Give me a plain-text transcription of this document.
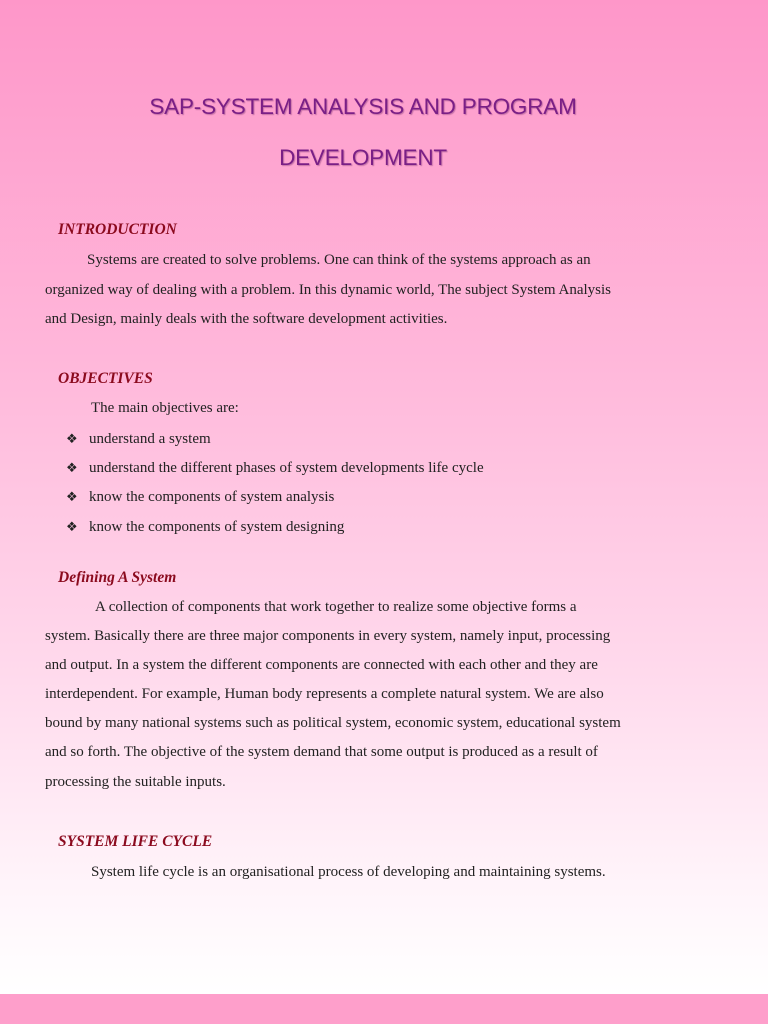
SAP-SYSTEM ANALYSIS AND PROGRAM
DEVELOPMENT
INTRODUCTION
Systems are created to solve problems. One can think of the systems approach as an
organized way of dealing with a problem. In this dynamic world, The subject System Analysis
and Design, mainly deals with the software development activities.
OBJECTIVES
The main objectives are:
❖ understand a system
❖ understand the different phases of system developments life cycle
❖ know the components of system analysis
❖ know the components of system designing
Defining A System
A collection of components that work together to realize some objective forms a
system. Basically there are three major components in every system, namely input, processing
and output. In a system the different components are connected with each other and they are
interdependent. For example, Human body represents a complete natural system. We are also
bound by many national systems such as political system, economic system, educational system
and so forth. The objective of the system demand that some output is produced as a result of
processing the suitable inputs.
SYSTEM LIFE CYCLE
System life cycle is an organisational process of developing and maintaining systems.
